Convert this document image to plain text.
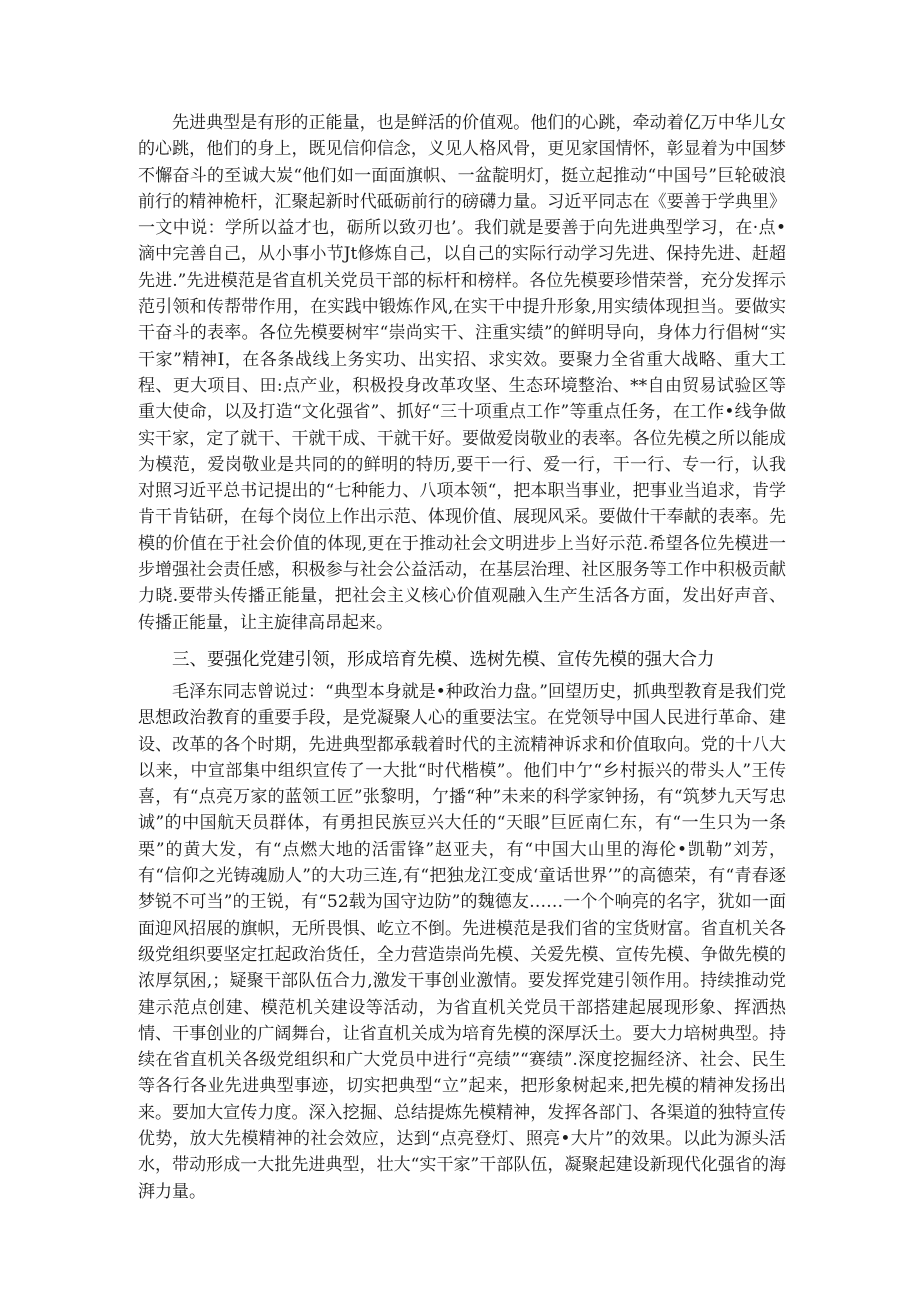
先进典型是有形的正能量，也是鲜活的价值观。他们的心跳，牵动着亿万中华儿女的心跳，他们的身上，既见信仰信念，义见人格风骨，更见家国情怀，彰显着为中国梦不懈奋斗的至诚大炭“他们如一面面旗帜、一盆靛明灯，挺立起推动“中国号”巨轮破浪前行的精神桅杆，汇聚起新时代砥砺前行的磅礴力量。习近平同志在《要善于学典里》一文中说：学所以益才也，砺所以致刃也’。我们就是要善于向先进典型学习，在·点•滴中完善自己，从小事小节Jt修炼自己，以自己的实际行动学习先进、保持先进、赶超先进.”先进模范是省直机关党员干部的标杆和榜样。各位先模要珍惜荣誉，充分发挥示范引领和传帮带作用，在实践中锻炼作风,在实干中提升形象,用实绩体现担当。要做实干奋斗的表率。各位先模要树牢“崇尚实干、注重实绩”的鲜明导向，身体力行倡树“实干家”精神I，在各条战线上务实功、出实招、求实效。要聚力全省重大战略、重大工程、更大项目、田:点产业，积极投身改革攻坚、生态环境整治、**自由贸易试验区等重大使命，以及打造“文化强省”、抓好“三十项重点工作”等重点任务，在工作•线争做实干家，定了就干、干就干成、干就干好。要做爱岗敬业的表率。各位先模之所以能成为模范，爱岗敬业是共同的的鲜明的特历,要干一行、爱一行，干一行、专一行，认我对照习近平总书记提出的“七种能力、八项本领“，把本职当事业，把事业当追求，肯学肯干肯钻研，在每个岗位上作出示范、体现价值、展现风采。要做什干奉献的表率。先模的价值在于社会价值的体现,更在于推动社会文明进步上当好示范.希望各位先模进一步增强社会责任感，积极参与社会公益活动，在基层治理、社区服务等工作中积极贡献力晓.要带头传播正能量，把社会主义核心价值观融入生产生活各方面，发出好声音、传播正能量，让主旋律高昂起来。

三、要强化党建引领，形成培育先模、选树先模、宣传先模的强大合力

毛泽东同志曾说过：“典型本身就是•种政治力盘。”回望历史，抓典型教育是我们党思想政治教育的重要手段，是党凝聚人心的重要法宝。在党领导中国人民进行革命、建设、改革的各个时期，先进典型都承载着时代的主流精神诉求和价值取向。党的十八大以来，中宣部集中组织宣传了一大批“时代楷模”。他们中亇“乡村振兴的带头人”王传喜，有“点亮万家的蓝领工匠”张黎明，亇播“种”未来的科学家钟扬，有“筑梦九天写忠诚”的中国航天员群体，有勇担民族豆兴大任的“天眼”巨匠南仁东，有“一生只为一条栗”的黄大发，有“点燃大地的活雷锋”赵亚夫，有“中国大山里的海伦•凯勒”刘芳，有“信仰之光铸魂励人”的大功三连,有“把独龙江变成‘童话世界’”的高德荣，有“青春逐梦锐不可当”的王锐，有“52载为国守边防”的魏德友……一个个响亮的名字，犹如一面面迎风招展的旗帜，无所畏惧、屹立不倒。先进模范是我们省的宝货财富。省直机关各级党组织要坚定扛起政治货任，全力营造崇尚先模、关爱先模、宣传先模、争做先模的浓厚氛困,；疑聚干部队伍合力,激发干事创业激情。要发挥党建引领作用。持续推动党建示范点创建、模范机关建设等活动，为省直机关党员干部搭建起展现形象、挥洒热情、干事创业的广阔舞台，让省直机关成为培育先模的深厚沃土。要大力培树典型。持续在省直机关各级党组织和广大党员中进行“亮绩”“赛绩”.深度挖掘经济、社会、民生等各行各业先进典型事迹，切实把典型“立”起来，把形象树起来,把先模的精神发扬出来。要加大宣传力度。深入挖掘、总结提炼先模精神，发挥各部门、各渠道的独特宣传优势，放大先模精神的社会效应，达到“点亮登灯、照亮•大片”的效果。以此为源头活水，带动形成一大批先进典型，壮大“实干家”干部队伍，凝聚起建设新现代化强省的海湃力量。
